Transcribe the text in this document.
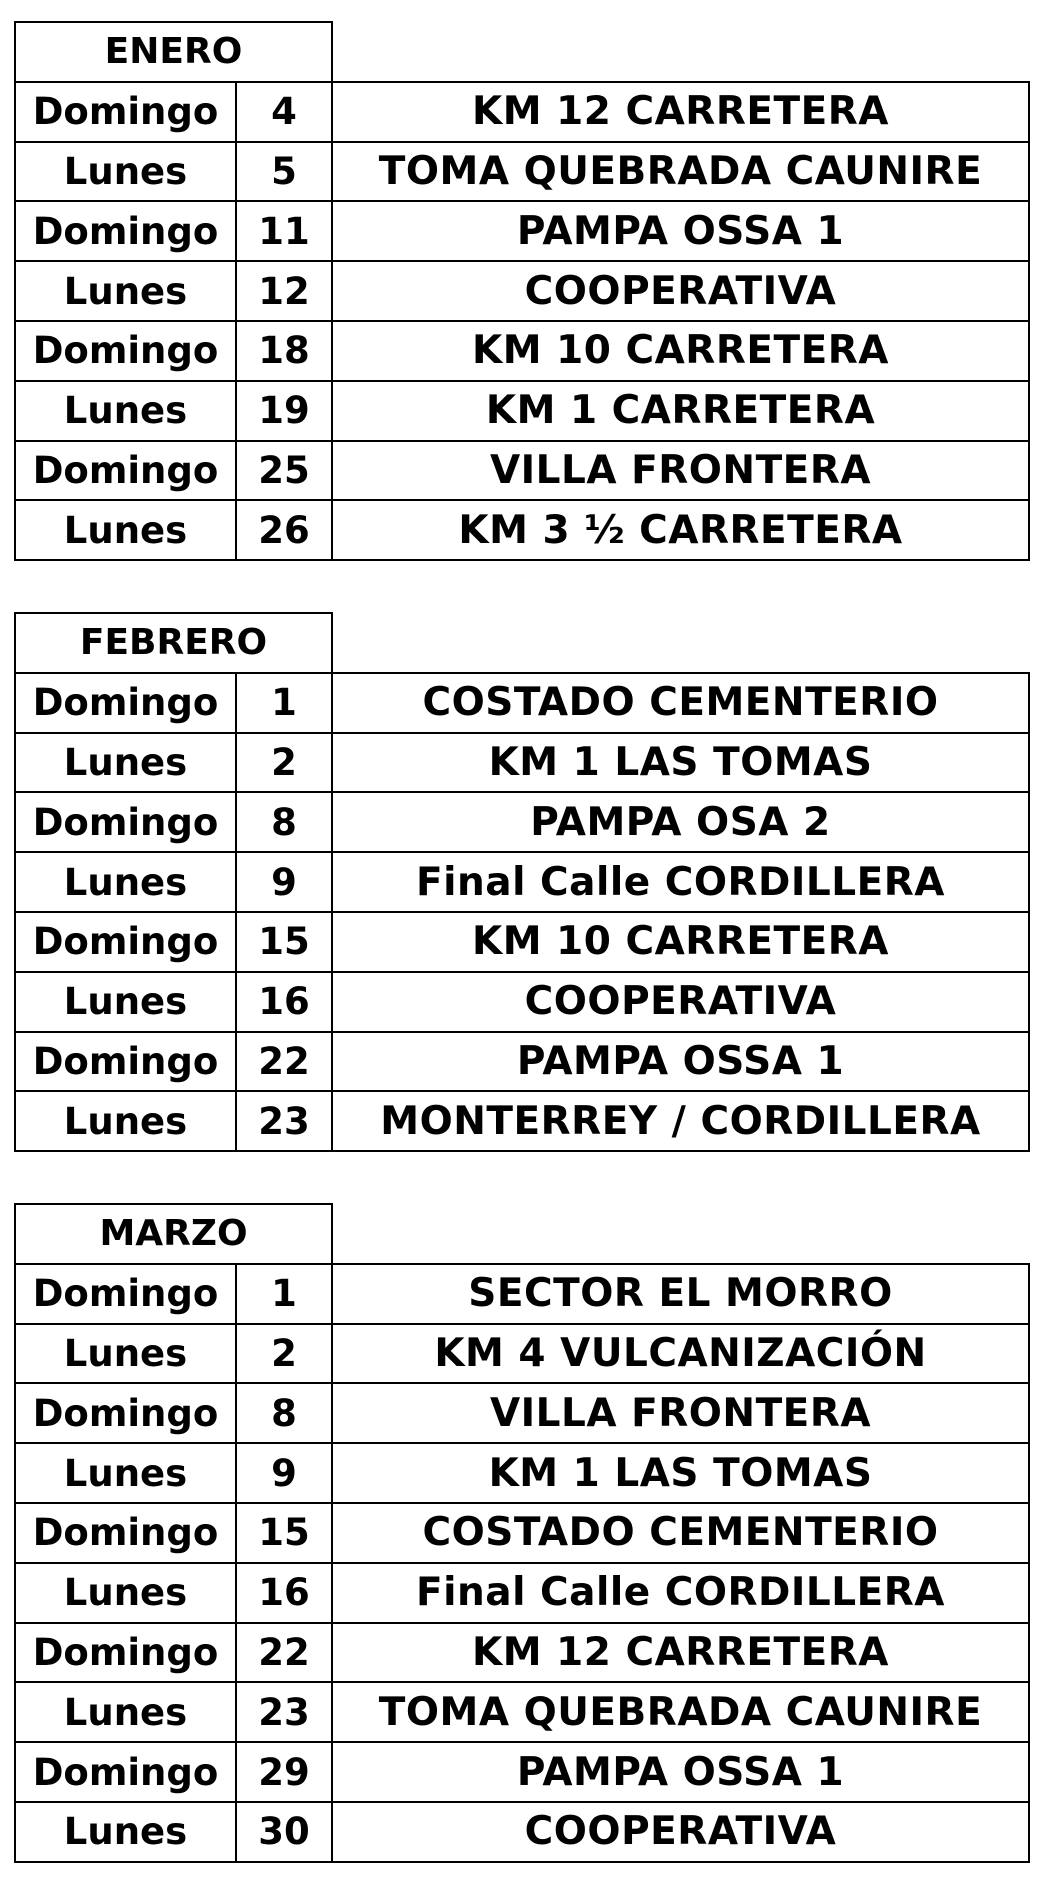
ENERO		
Domingo	4	KM 12 CARRETERA
Lunes	5	TOMA QUEBRADA CAUNIRE
Domingo	11	PAMPA OSSA 1
Lunes	12	COOPERATIVA
Domingo	18	KM 10 CARRETERA
Lunes	19	KM 1 CARRETERA
Domingo	25	VILLA FRONTERA
Lunes	26	KM 3 ½ CARRETERA
FEBRERO		
Domingo	1	COSTADO CEMENTERIO
Lunes	2	KM 1 LAS TOMAS
Domingo	8	PAMPA OSA 2
Lunes	9	Final Calle CORDILLERA
Domingo	15	KM 10 CARRETERA
Lunes	16	COOPERATIVA
Domingo	22	PAMPA OSSA 1
Lunes	23	MONTERREY / CORDILLERA
MARZO		
Domingo	1	SECTOR EL MORRO
Lunes	2	KM 4 VULCANIZACIÓN
Domingo	8	VILLA FRONTERA
Lunes	9	KM 1 LAS TOMAS
Domingo	15	COSTADO CEMENTERIO
Lunes	16	Final Calle CORDILLERA
Domingo	22	KM 12 CARRETERA
Lunes	23	TOMA QUEBRADA CAUNIRE
Domingo	29	PAMPA OSSA 1
Lunes	30	COOPERATIVA
